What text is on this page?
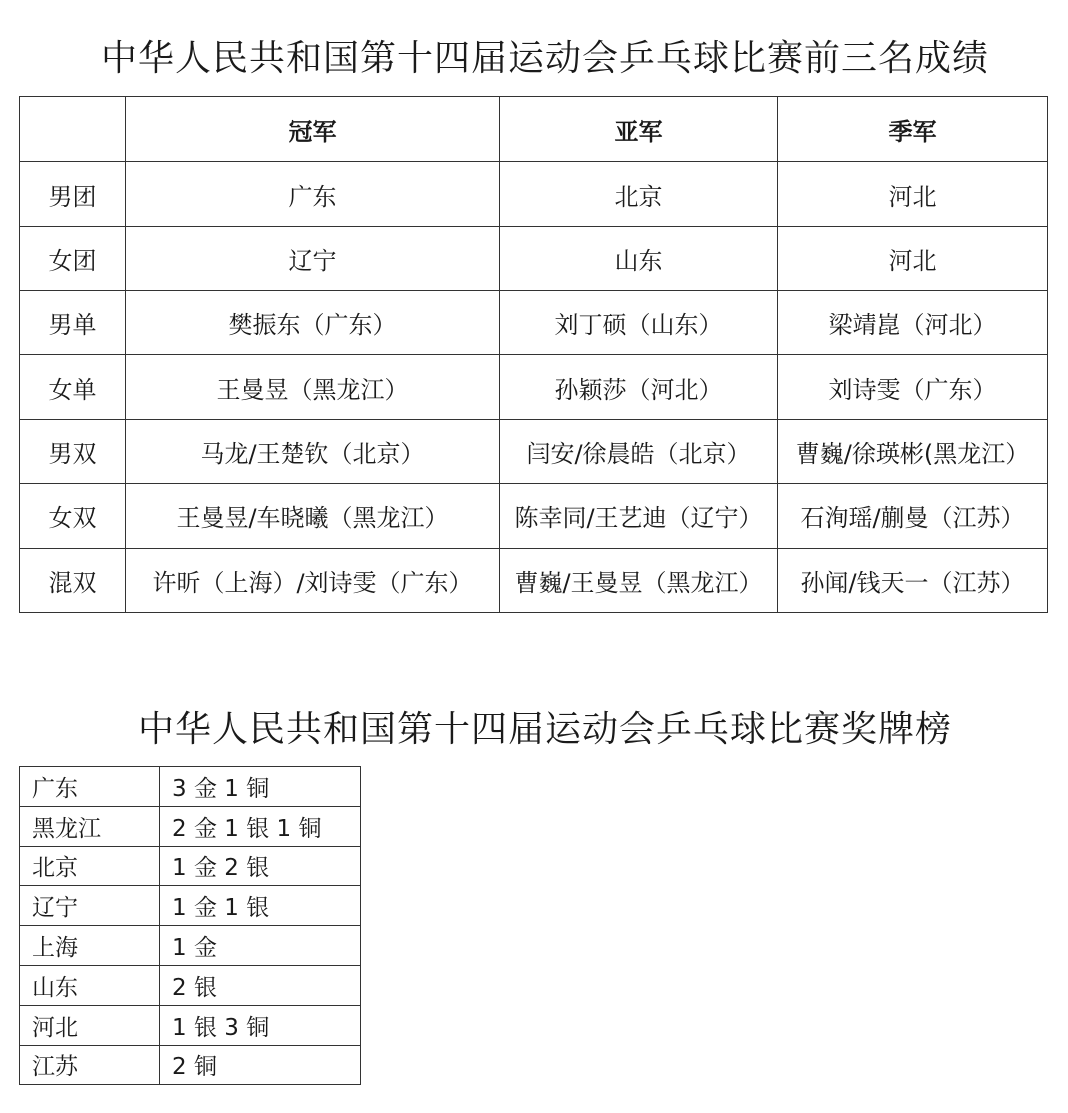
中华人民共和国第十四届运动会乒乓球比赛前三名成绩
	冠军	亚军	季军
男团	广东	北京	河北
女团	辽宁	山东	河北
男单	樊振东（广东）	刘丁硕（山东）	梁靖崑（河北）
女单	王曼昱（黑龙江）	孙颖莎（河北）	刘诗雯（广东）
男双	马龙/王楚钦（北京）	闫安/徐晨皓（北京）	曹巍/徐瑛彬(黑龙江）
女双	王曼昱/车晓曦（黑龙江）	陈幸同/王艺迪（辽宁）	石洵瑶/蒯曼（江苏）
混双	许昕（上海）/刘诗雯（广东）	曹巍/王曼昱（黑龙江）	孙闻/钱天一（江苏）
中华人民共和国第十四届运动会乒乓球比赛奖牌榜
广东	3 金 1 铜
黑龙江	2 金 1 银 1 铜
北京	1 金 2 银
辽宁	1 金 1 银
上海	1 金
山东	2 银
河北	1 银 3 铜
江苏	2 铜
